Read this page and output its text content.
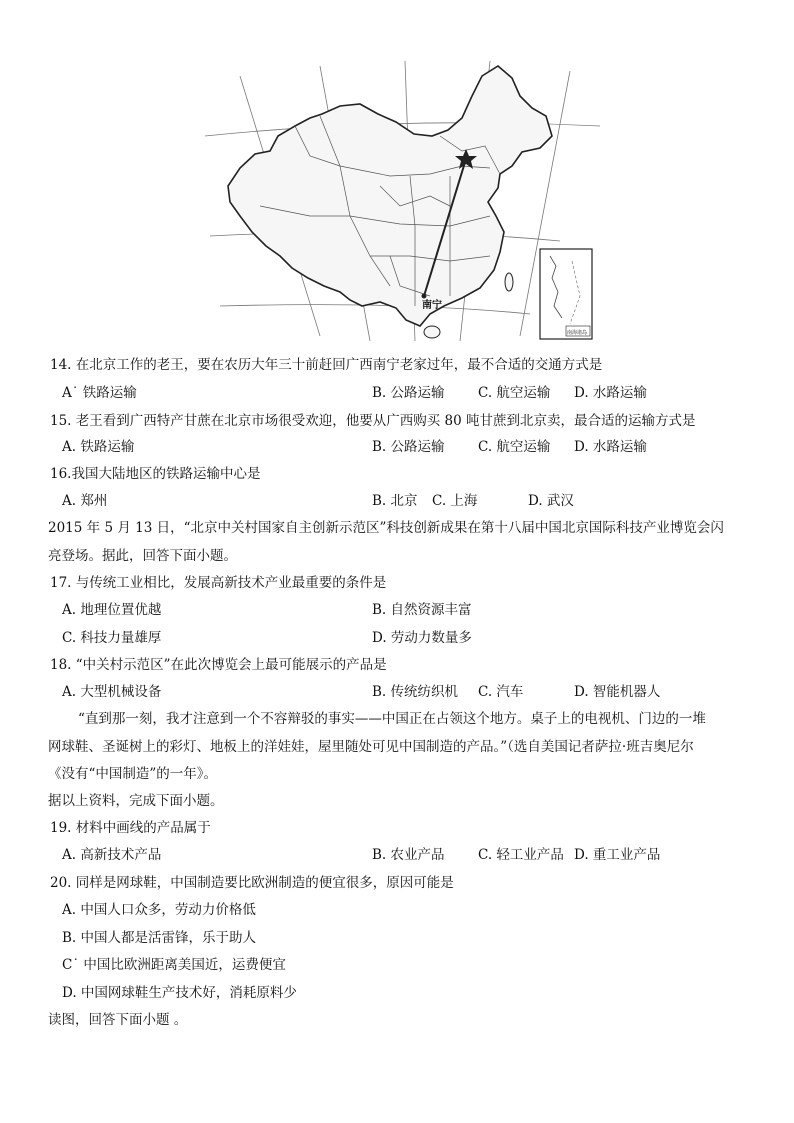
南宁
南海诸岛
14. 在北京工作的老王，要在农历大年三十前赶回广西南宁老家过年，最不合适的交通方式是
A˙ 铁路运输	B. 公路运输 C. 航空运输 D. 水路运输
15. 老王看到广西特产甘蔗在北京市场很受欢迎，他要从广西购买 80 吨甘蔗到北京卖，最合适的运输方式是
A. 铁路运输	B. 公路运输 C. 航空运输 D. 水路运输
16.我国大陆地区的铁路运输中心是
A. 郑州	B. 北京 C. 上海	D. 武汉
2015 年 5 月 13 日，“北京中关村国家自主创新示范区”科技创新成果在第十八届中国北京国际科技产业博览会闪
亮登场。据此，回答下面小题。
17. 与传统工业相比，发展高新技术产业最重要的条件是
A. 地理位置优越	B. 自然资源丰富
C. 科技力量雄厚	D. 劳动力数量多
18. “中关村示范区”在此次博览会上最可能展示的产品是
A. 大型机械设备	B. 传统纺织机 C. 汽车	D. 智能机器人
“直到那一刻，我才注意到一个不容辩驳的事实——中国正在占领这个地方。桌子上的电视机、门边的一堆
网球鞋、圣诞树上的彩灯、地板上的洋娃娃，屋里随处可见中国制造的产品。”（选自美国记者萨拉·班吉奥尼尔
《没有“中国制造”的一年》。
据以上资料，完成下面小题。
19. 材料中画线的产品属于
A. 高新技术产品	B. 农业产品 C. 轻工业产品 D. 重工业产品
20. 同样是网球鞋，中国制造要比欧洲制造的便宜很多，原因可能是
A. 中国人口众多，劳动力价格低
B. 中国人都是活雷锋，乐于助人
C˙ 中国比欧洲距离美国近，运费便宜
D. 中国网球鞋生产技术好，消耗原料少
读图，回答下面小题 。
